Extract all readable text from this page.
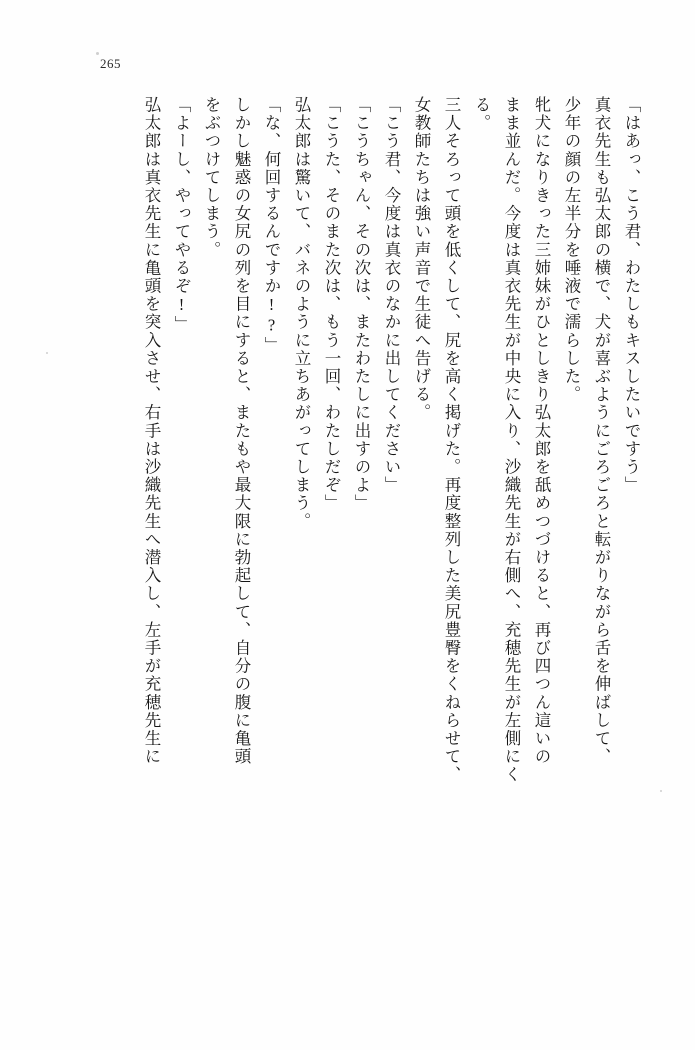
265
「はあっ、こう君、わたしもキスしたいですう」
真衣先生も弘太郎の横で、犬が喜ぶようにごろごろと転がりながら舌を伸ばして、
少年の顔の左半分を唾液で濡らした。
牝犬になりきった三姉妹がひとしきり弘太郎を舐めつづけると、再び四つん這いの
まま並んだ。今度は真衣先生が中央に入り、沙織先生が右側へ、充穂先生が左側にく
る。
三人そろって頭を低くして、尻を高く掲げた。再度整列した美尻豊臀をくねらせて、
女教師たちは強い声音で生徒へ告げる。
「こう君、今度は真衣のなかに出してください」
「こうちゃん、その次は、またわたしに出すのよ」
「こうた、そのまた次は、もう一回、わたしだぞ」
弘太郎は驚いて、バネのように立ちあがってしまう。
「な、何回するんですか!?」
しかし魅惑の女尻の列を目にすると、またもや最大限に勃起して、自分の腹に亀頭
をぶつけてしまう。
「よーし、やってやるぞ!」
弘太郎は真衣先生に亀頭を突入させ、右手は沙織先生へ潜入し、左手が充穂先生に
